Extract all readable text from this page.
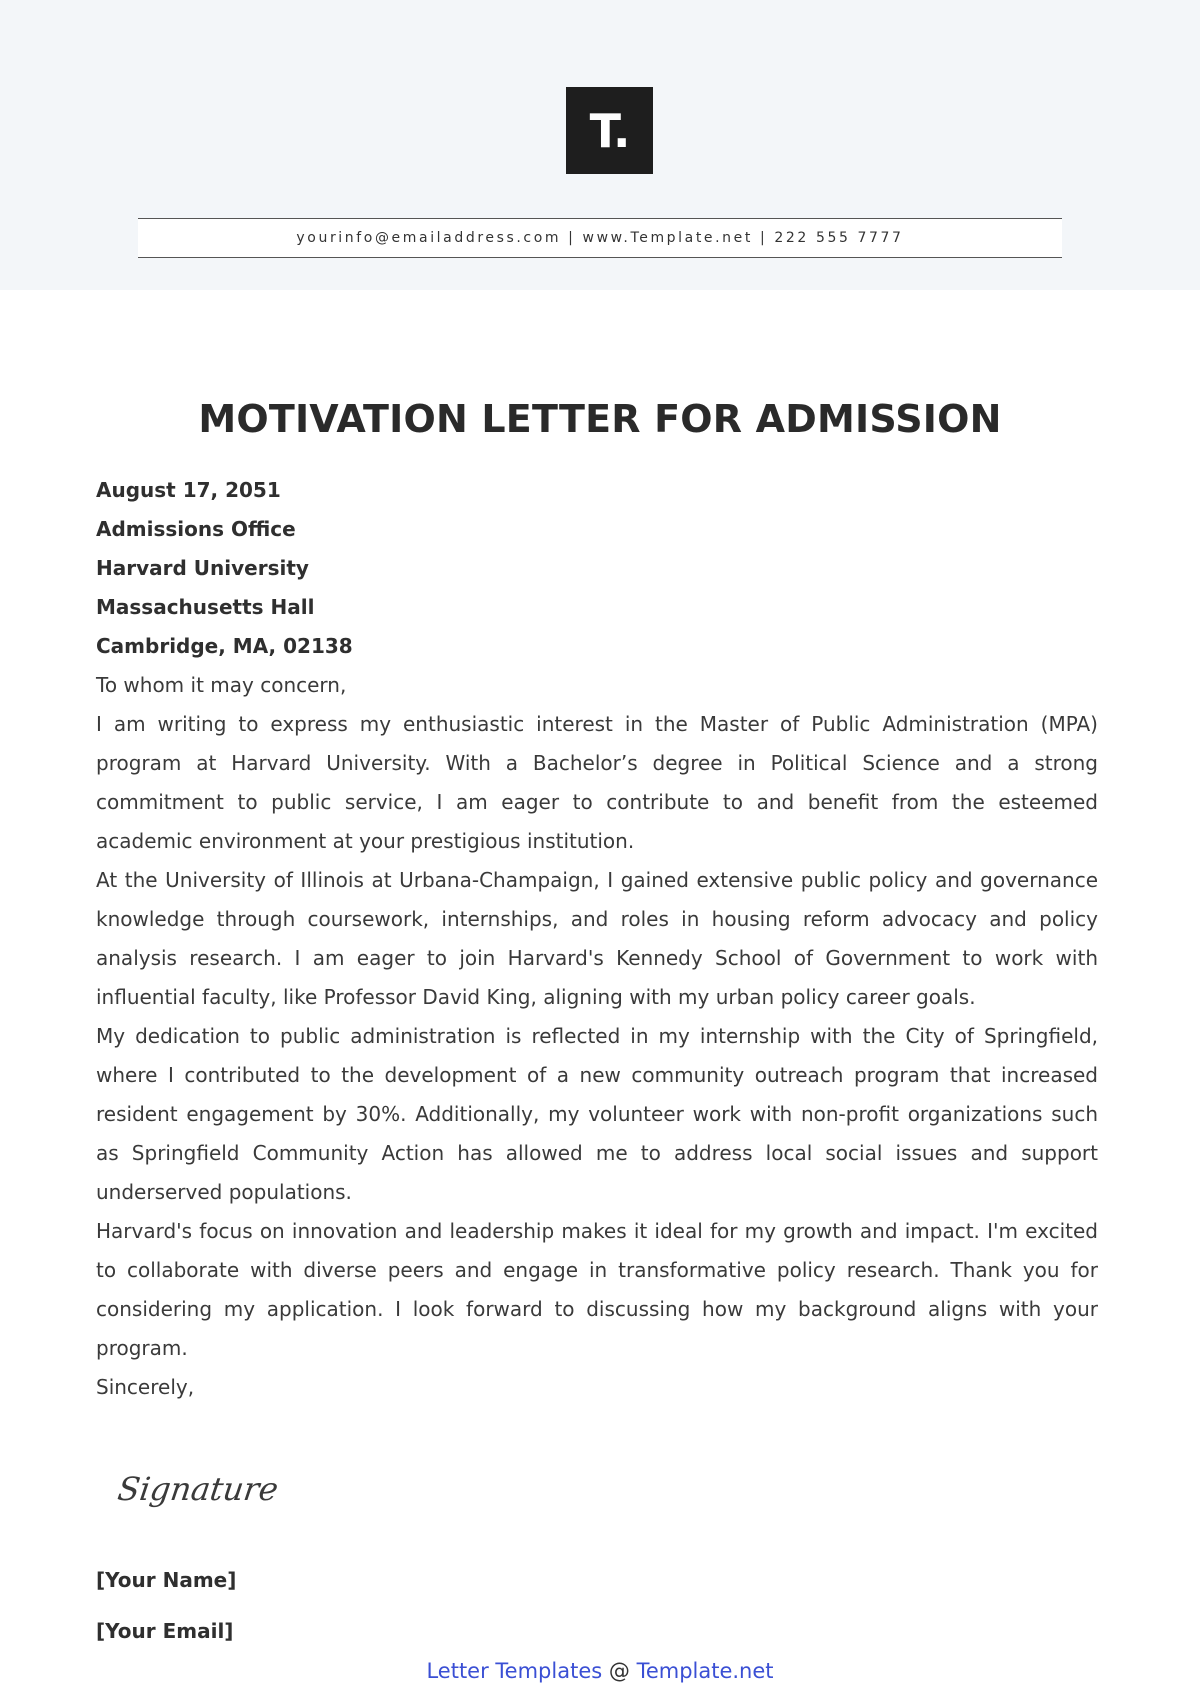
T.
yourinfo@emailaddress.com | www.Template.net | 222 555 7777
MOTIVATION LETTER FOR ADMISSION
August 17, 2051
Admissions Office
Harvard University
Massachusetts Hall
Cambridge, MA, 02138
To whom it may concern,

I am writing to express my enthusiastic interest in the Master of Public Administration (MPA) program at Harvard University. With a Bachelor’s degree in Political Science and a strong commitment to public service, I am eager to contribute to and benefit from the esteemed academic environment at your prestigious institution.

At the University of Illinois at Urbana-Champaign, I gained extensive public policy and governance knowledge through coursework, internships, and roles in housing reform advocacy and policy analysis research. I am eager to join Harvard's Kennedy School of Government to work with influential faculty, like Professor David King, aligning with my urban policy career goals.

My dedication to public administration is reflected in my internship with the City of Springfield, where I contributed to the development of a new community outreach program that increased resident engagement by 30%. Additionally, my volunteer work with non-profit organizations such as Springfield Community Action has allowed me to address local social issues and support underserved populations.

Harvard's focus on innovation and leadership makes it ideal for my growth and impact. I'm excited to collaborate with diverse peers and engage in transformative policy research. Thank you for considering my application. I look forward to discussing how my background aligns with your program.

Sincerely,
Signature
[Your Name]
[Your Email]
Letter Templates @ Template.net
